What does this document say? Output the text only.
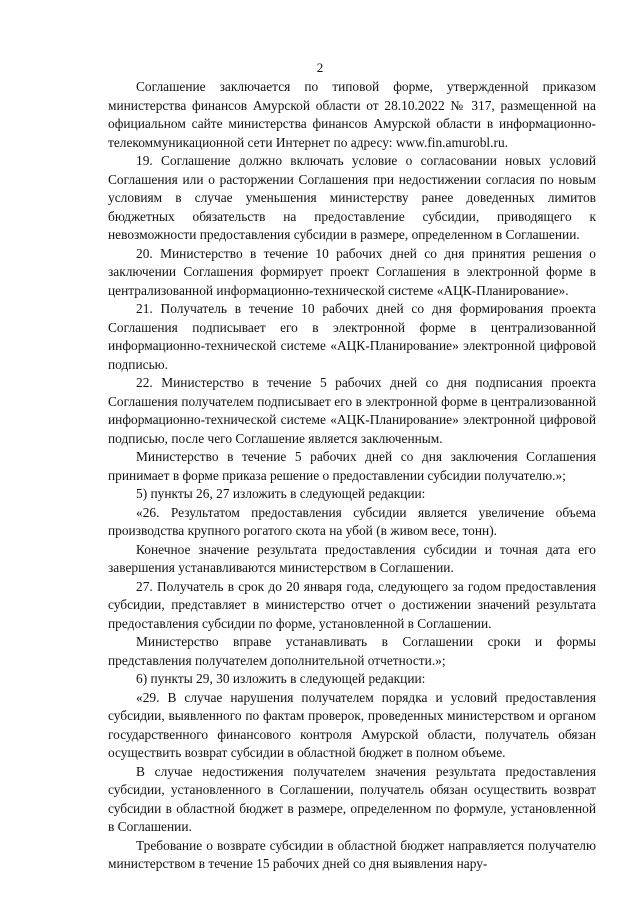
2

Соглашение заключается по типовой форме, утвержденной приказом министерства финансов Амурской области от 28.10.2022 № 317, размещенной на официальном сайте министерства финансов Амурской области в информационно-телекоммуникационной сети Интернет по адресу: www.fin.amurobl.ru.

19. Соглашение должно включать условие о согласовании новых условий Соглашения или о расторжении Соглашения при недостижении согласия по новым условиям в случае уменьшения министерству ранее доведенных лимитов бюджетных обязательств на предоставление субсидии, приводящего к невозможности предоставления субсидии в размере, определенном в Соглашении.

20. Министерство в течение 10 рабочих дней со дня принятия решения о заключении Соглашения формирует проект Соглашения в электронной форме в централизованной информационно-технической системе «АЦК-Планирование».

21. Получатель в течение 10 рабочих дней со дня формирования проекта Соглашения подписывает его в электронной форме в централизованной информационно-технической системе «АЦК-Планирование» электронной цифровой подписью.

22. Министерство в течение 5 рабочих дней со дня подписания проекта Соглашения получателем подписывает его в электронной форме в централизованной информационно-технической системе «АЦК-Планирование» электронной цифровой подписью, после чего Соглашение является заключенным.

Министерство в течение 5 рабочих дней со дня заключения Соглашения принимает в форме приказа решение о предоставлении субсидии получателю.»;

5) пункты 26, 27 изложить в следующей редакции:

«26. Результатом предоставления субсидии является увеличение объема производства крупного рогатого скота на убой (в живом весе, тонн).

Конечное значение результата предоставления субсидии и точная дата его завершения устанавливаются министерством в Соглашении.

27. Получатель в срок до 20 января года, следующего за годом предоставления субсидии, представляет в министерство отчет о достижении значений результата предоставления субсидии по форме, установленной в Соглашении.

Министерство вправе устанавливать в Соглашении сроки и формы представления получателем дополнительной отчетности.»;

6) пункты 29, 30 изложить в следующей редакции:

«29. В случае нарушения получателем порядка и условий предоставления субсидии, выявленного по фактам проверок, проведенных министерством и органом государственного финансового контроля Амурской области, получатель обязан осуществить возврат субсидии в областной бюджет в полном объеме.

В случае недостижения получателем значения результата предоставления субсидии, установленного в Соглашении, получатель обязан осуществить возврат субсидии в областной бюджет в размере, определенном по формуле, установленной в Соглашении.

Требование о возврате субсидии в областной бюджет направляется получателю министерством в течение 15 рабочих дней со дня выявления нару-
